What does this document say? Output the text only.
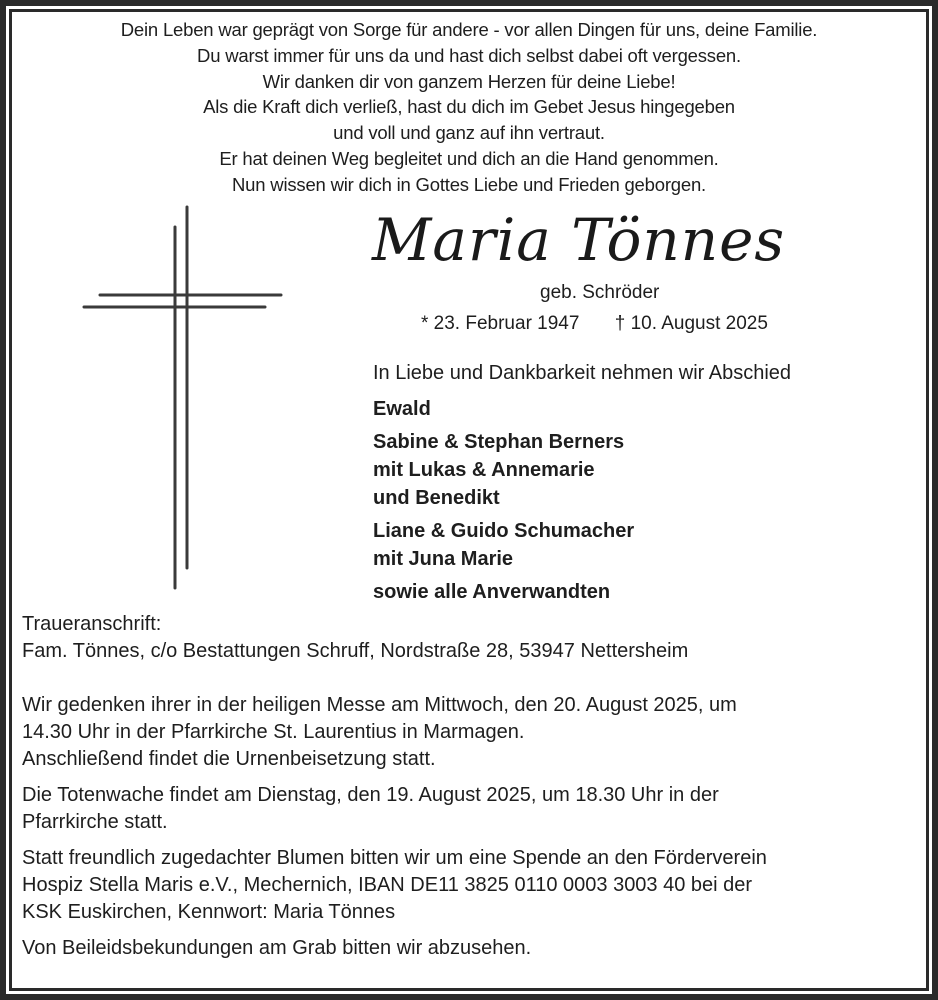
Dein Leben war geprägt von Sorge für andere - vor allen Dingen für uns, deine Familie.
Du warst immer für uns da und hast dich selbst dabei oft vergessen.
Wir danken dir von ganzem Herzen für deine Liebe!
Als die Kraft dich verließ, hast du dich im Gebet Jesus hingegeben
und voll und ganz auf ihn vertraut.
Er hat deinen Weg begleitet und dich an die Hand genommen.
Nun wissen wir dich in Gottes Liebe und Frieden geborgen.
Maria Tönnes
geb. Schröder
* 23. Februar 1947 † 10. August 2025
In Liebe und Dankbarkeit nehmen wir Abschied
Ewald
Sabine & Stephan Berners
mit Lukas & Annemarie
und Benedikt
Liane & Guido Schumacher
mit Juna Marie
sowie alle Anverwandten
Traueranschrift:
Fam. Tönnes, c/o Bestattungen Schruff, Nordstraße 28, 53947 Nettersheim

Wir gedenken ihrer in der heiligen Messe am Mittwoch, den 20. August 2025, um
14.30 Uhr in der Pfarrkirche St. Laurentius in Marmagen.
Anschließend findet die Urnenbeisetzung statt.

Die Totenwache findet am Dienstag, den 19. August 2025, um 18.30 Uhr in der
Pfarrkirche statt.

Statt freundlich zugedachter Blumen bitten wir um eine Spende an den Förderverein
Hospiz Stella Maris e.V., Mechernich, IBAN DE11 3825 0110 0003 3003 40 bei der
KSK Euskirchen, Kennwort: Maria Tönnes

Von Beileidsbekundungen am Grab bitten wir abzusehen.
